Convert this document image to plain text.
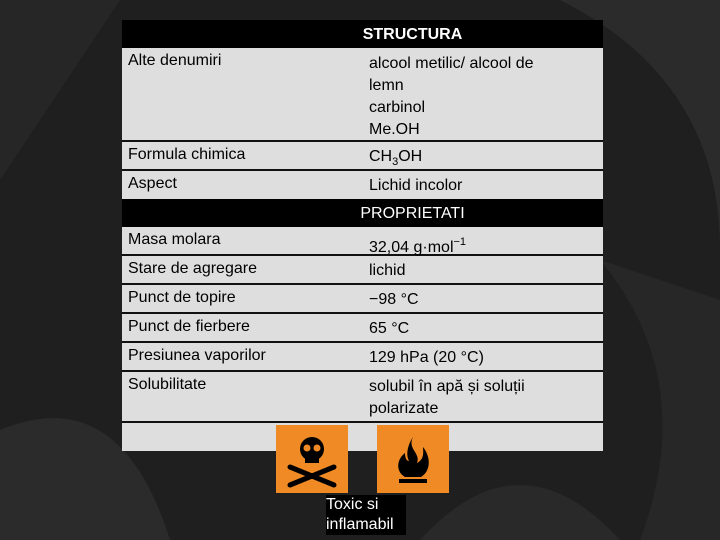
STRUCTURA
Alte denumiri	alcool metilic/ alcool de
lemn
carbinol
Me.OH
Formula chimica	$CH_3OH$
Aspect	Lichid incolor
PROPRIETATI
Masa molara	32,04 g·mol$^{-1}$
Stare de agregare	lichid
Punct de topire	−98 °C
Punct de fierbere	65 °C
Presiunea vaporilor	129 hPa (20 °C)
Solubilitate	solubil în apă și soluții
polarizate
Toxic si
inflamabil
